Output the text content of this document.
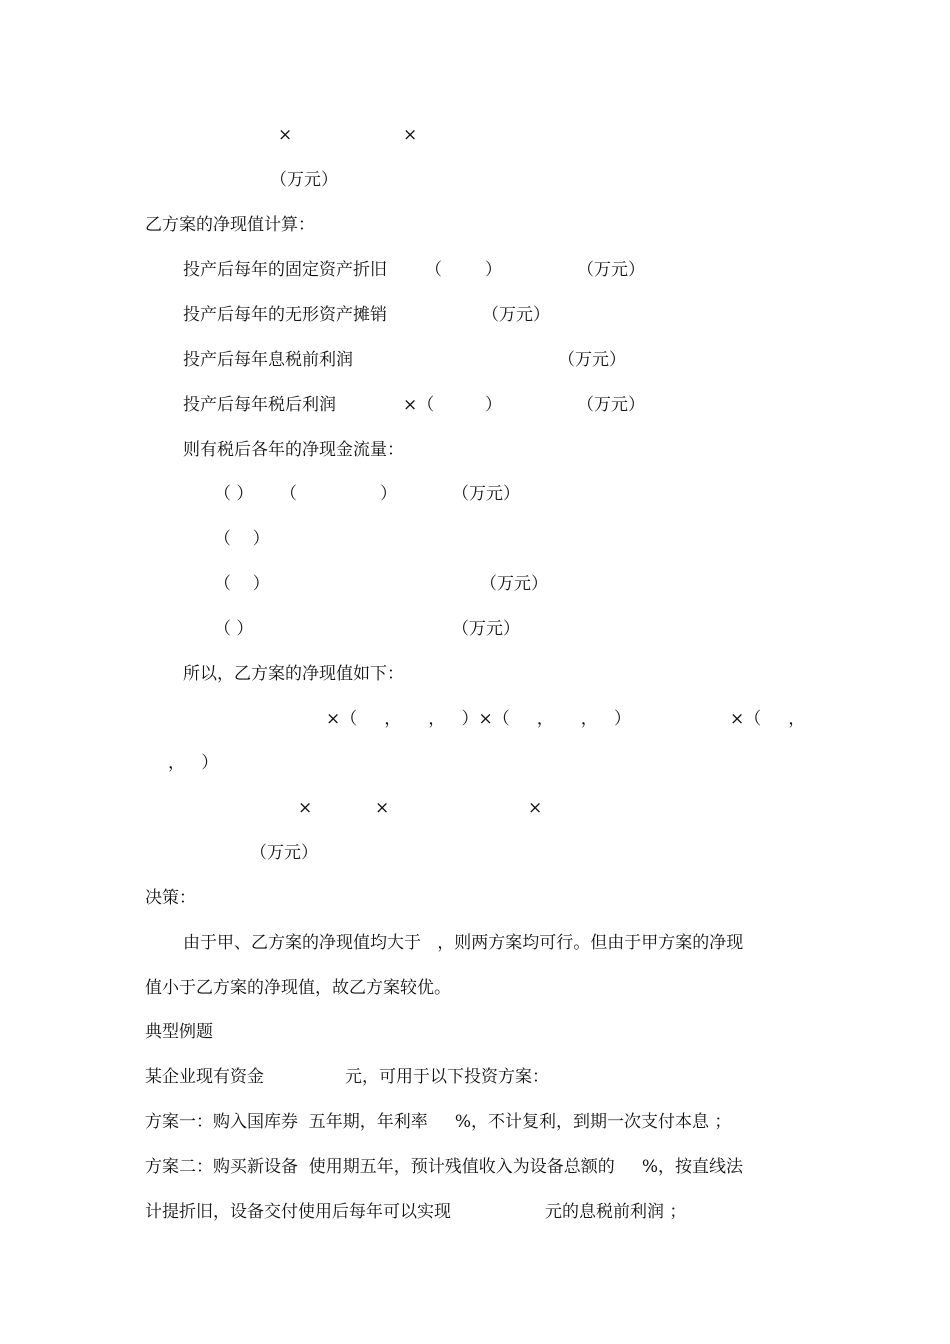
×	×
（万元）
乙方案的净现值计算：
投产后每年的固定资产折旧 （	）	（万元）
投产后每年的无形资产摊销	（万元）
投产后每年息税前利润	（万元）
投产后每年税后利润	×（	）	（万元）
则有税后各年的净现金流量：
（ ） （	）	（万元）
（    ）
（    ）	（万元）
（ ）	（万元）
所以，乙方案的净现值如下：
×（     ，     ，   ）×（     ，     ，   ）	×（     ，
，   ）
×	×	×
（万元）
决策：
由于甲、乙方案的净现值均大于   ，则两方案均可行。但由于甲方案的净现
值小于乙方案的净现值，故乙方案较优。
典型例题
某企业现有资金	元，可用于以下投资方案：
方案一：购入国库券  五年期，年利率     %，不计复利，到期一次支付本息 ；
方案二：购买新设备  使用期五年，预计残值收入为设备总额的     %，按直线法
计提折旧，设备交付使用后每年可以实现	元的息税前利润 ；
